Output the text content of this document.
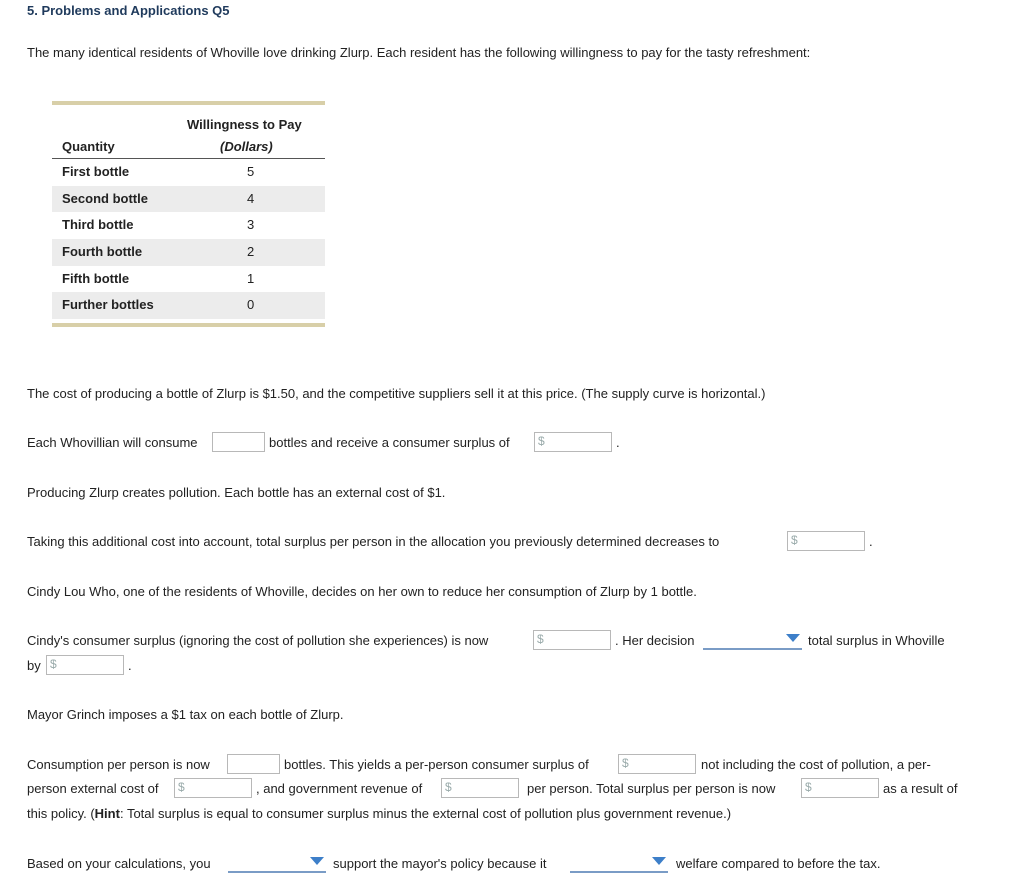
5. Problems and Applications Q5
The many identical residents of Whoville love drinking Zlurp. Each resident has the following willingness to pay for the tasty refreshment:
Willingness to Pay
Quantity	(Dollars)
First bottle	5
Second bottle	4
Third bottle	3
Fourth bottle	2
Fifth bottle	1
Further bottles	0
The cost of producing a bottle of Zlurp is $1.50, and the competitive suppliers sell it at this price. (The supply curve is horizontal.)
Each Whovillian will consume	bottles and receive a consumer surplus of $	.
Producing Zlurp creates pollution. Each bottle has an external cost of $1.
Taking this additional cost into account, total surplus per person in the allocation you previously determined decreases to	$	.
Cindy Lou Who, one of the residents of Whoville, decides on her own to reduce her consumption of Zlurp by 1 bottle.
Cindy's consumer surplus (ignoring the cost of pollution she experiences) is now	$	. Her decision	total surplus in Whoville
by $	.
Mayor Grinch imposes a $1 tax on each bottle of Zlurp.
Consumption per person is now	bottles. This yields a per-person consumer surplus of	$	not including the cost of pollution, a per-
person external cost of $	, and government revenue of $	per person. Total surplus per person is now $	as a result of
this policy. (Hint: Total surplus is equal to consumer surplus minus the external cost of pollution plus government revenue.)
Based on your calculations, you	support the mayor's policy because it	welfare compared to before the tax.
